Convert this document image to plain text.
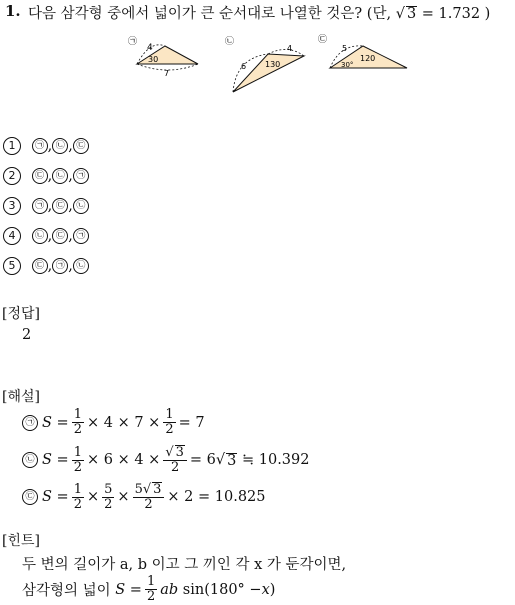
1. 다음 삼각형 중에서 넓이가 큰 순서대로 나열한 것은? (단, √ 3 = 1.732 )
㉠
4
30
7
㉡
6 130
4
㉢
5
120
30°
1 ㉠ , ㉡ , ㉢
2 ㉢ , ㉡ , ㉠
3 ㉠ , ㉢ , ㉡
4 ㉡ , ㉢ , ㉠
5 ㉢ , ㉠ , ㉡
[정답]
2
[해설]
㉠ $S = \frac{1}{2} \times 4 \times 7 \times \frac{1}{2} = 7$
㉡ $S = \frac{1}{2} \times 6 \times 4 \times \frac{√ 3}{2} = 6√$ 3 ≒ 10.392
㉢ $S = \frac{1}{2} \times \frac{5}{2} \times \frac{5√ 3}{2} \times 2 = 10.825$
[힌트]
두 변의 길이가 a, b 이고 그 끼인 각 x 가 둔각이면,
삼각형의 넓이 $S = \frac{1}{2}$ ab sin(180° − x )
